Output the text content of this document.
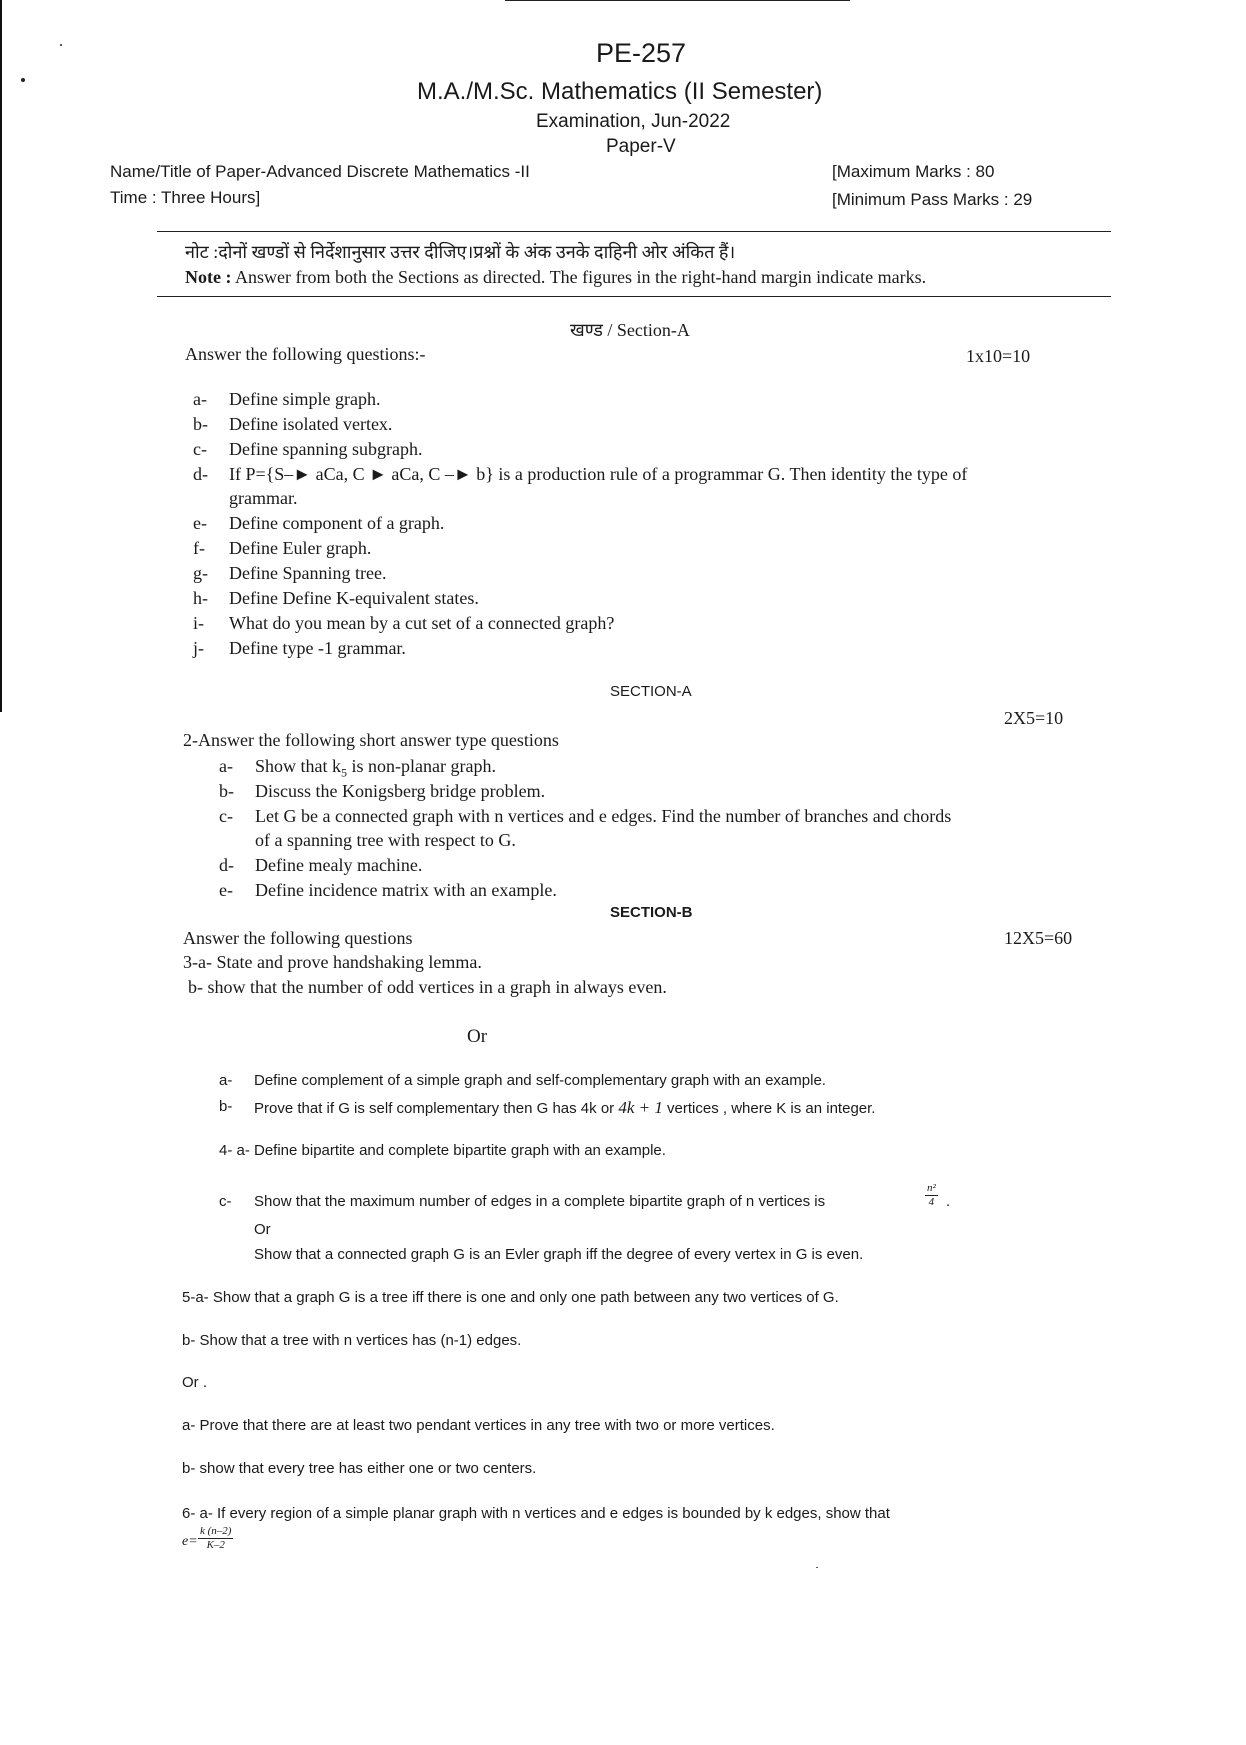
PE-257
M.A./M.Sc. Mathematics (II Semester)
Examination, Jun-2022
Paper-V
Name/Title of Paper-Advanced Discrete Mathematics -II
Time : Three Hours]
[Maximum Marks : 80
[Minimum Pass Marks : 29
नोट :दोनों खण्डों से निर्देशानुसार उत्तर दीजिए।प्रश्नों के अंक उनके दाहिनी ओर अंकित हैं।
Note : Answer from both the Sections as directed. The figures in the right-hand margin indicate marks.
खण्ड / Section-A
Answer the following questions:-	1x10=10
a- Define simple graph.
b- Define isolated vertex.
c- Define spanning subgraph.
d- If P={S–► aCa, C ► aCa, C –► b} is a production rule of a programmar G. Then identity the type of
grammar.
e- Define component of a graph.
f- Define Euler graph.
g- Define Spanning tree.
h- Define Define K-equivalent states.
i- What do you mean by a cut set of a connected graph?
j- Define type -1 grammar.
SECTION-A
2X5=10
2-Answer the following short answer type questions
a- Show that $k_5$ is non-planar graph.
b- Discuss the Konigsberg bridge problem.
c- Let G be a connected graph with n vertices and e edges. Find the number of branches and chords
of a spanning tree with respect to G.
d- Define mealy machine.
e- Define incidence matrix with an example.
SECTION-B
Answer the following questions	12X5=60
3-a- State and prove handshaking lemma.
b- show that the number of odd vertices in a graph in always even.
Or
a- Define complement of a simple graph and self-complementary graph with an example.
b- Prove that if G is self complementary then G has 4k or 4k + 1 vertices , where K is an integer.
4- a- Define bipartite and complete bipartite graph with an example.
c- Show that the maximum number of edges in a complete bipartite graph of n vertices is	$\frac{\text{n²}}{4}$ .
Or
Show that a connected graph G is an Evler graph iff the degree of every vertex in G is even.
5-a- Show that a graph G is a tree iff there is one and only one path between any two vertices of G.
b- Show that a tree with n vertices has (n-1) edges.
Or .
a- Prove that there are at least two pendant vertices in any tree with two or more vertices.
b- show that every tree has either one or two centers.
6- a- If every region of a simple planar graph with n vertices and e edges is bounded by k edges, show that
$e= \frac{k (n-2)}{K-2}$
